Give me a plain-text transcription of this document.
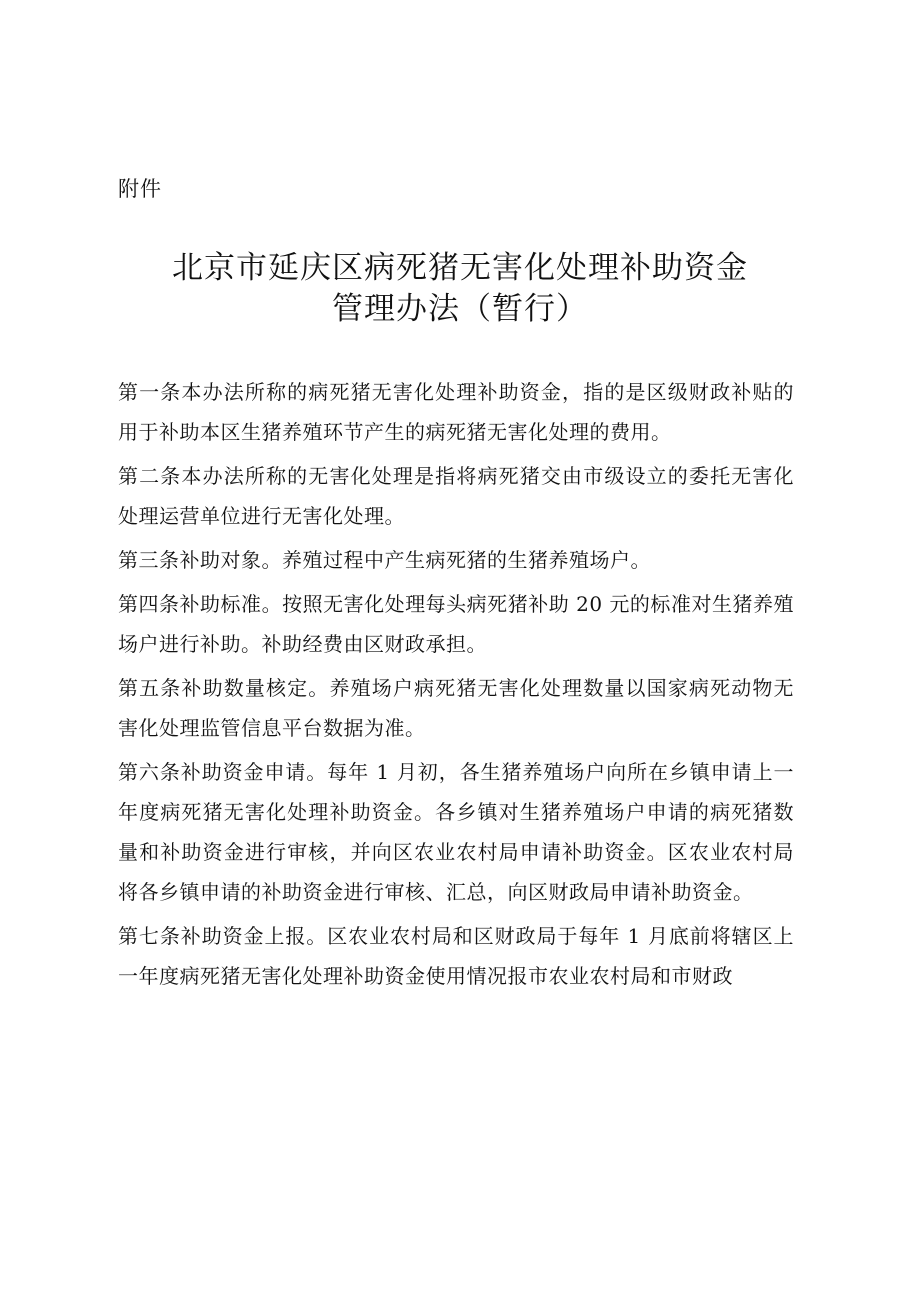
附件
北京市延庆区病死猪无害化处理补助资金
管理办法（暂行）

第一条本办法所称的病死猪无害化处理补助资金，指的是区级财政补贴的用于补助本区生猪养殖环节产生的病死猪无害化处理的费用。

第二条本办法所称的无害化处理是指将病死猪交由市级设立的委托无害化处理运营单位进行无害化处理。

第三条补助对象。养殖过程中产生病死猪的生猪养殖场户。

第四条补助标准。按照无害化处理每头病死猪补助 20 元的标准对生猪养殖场户进行补助。补助经费由区财政承担。

第五条补助数量核定。养殖场户病死猪无害化处理数量以国家病死动物无害化处理监管信息平台数据为准。

第六条补助资金申请。每年 1 月初，各生猪养殖场户向所在乡镇申请上一年度病死猪无害化处理补助资金。各乡镇对生猪养殖场户申请的病死猪数量和补助资金进行审核，并向区农业农村局申请补助资金。区农业农村局将各乡镇申请的补助资金进行审核、汇总，向区财政局申请补助资金。

第七条补助资金上报。区农业农村局和区财政局于每年 1 月底前将辖区上一年度病死猪无害化处理补助资金使用情况报市农业农村局和市财政
